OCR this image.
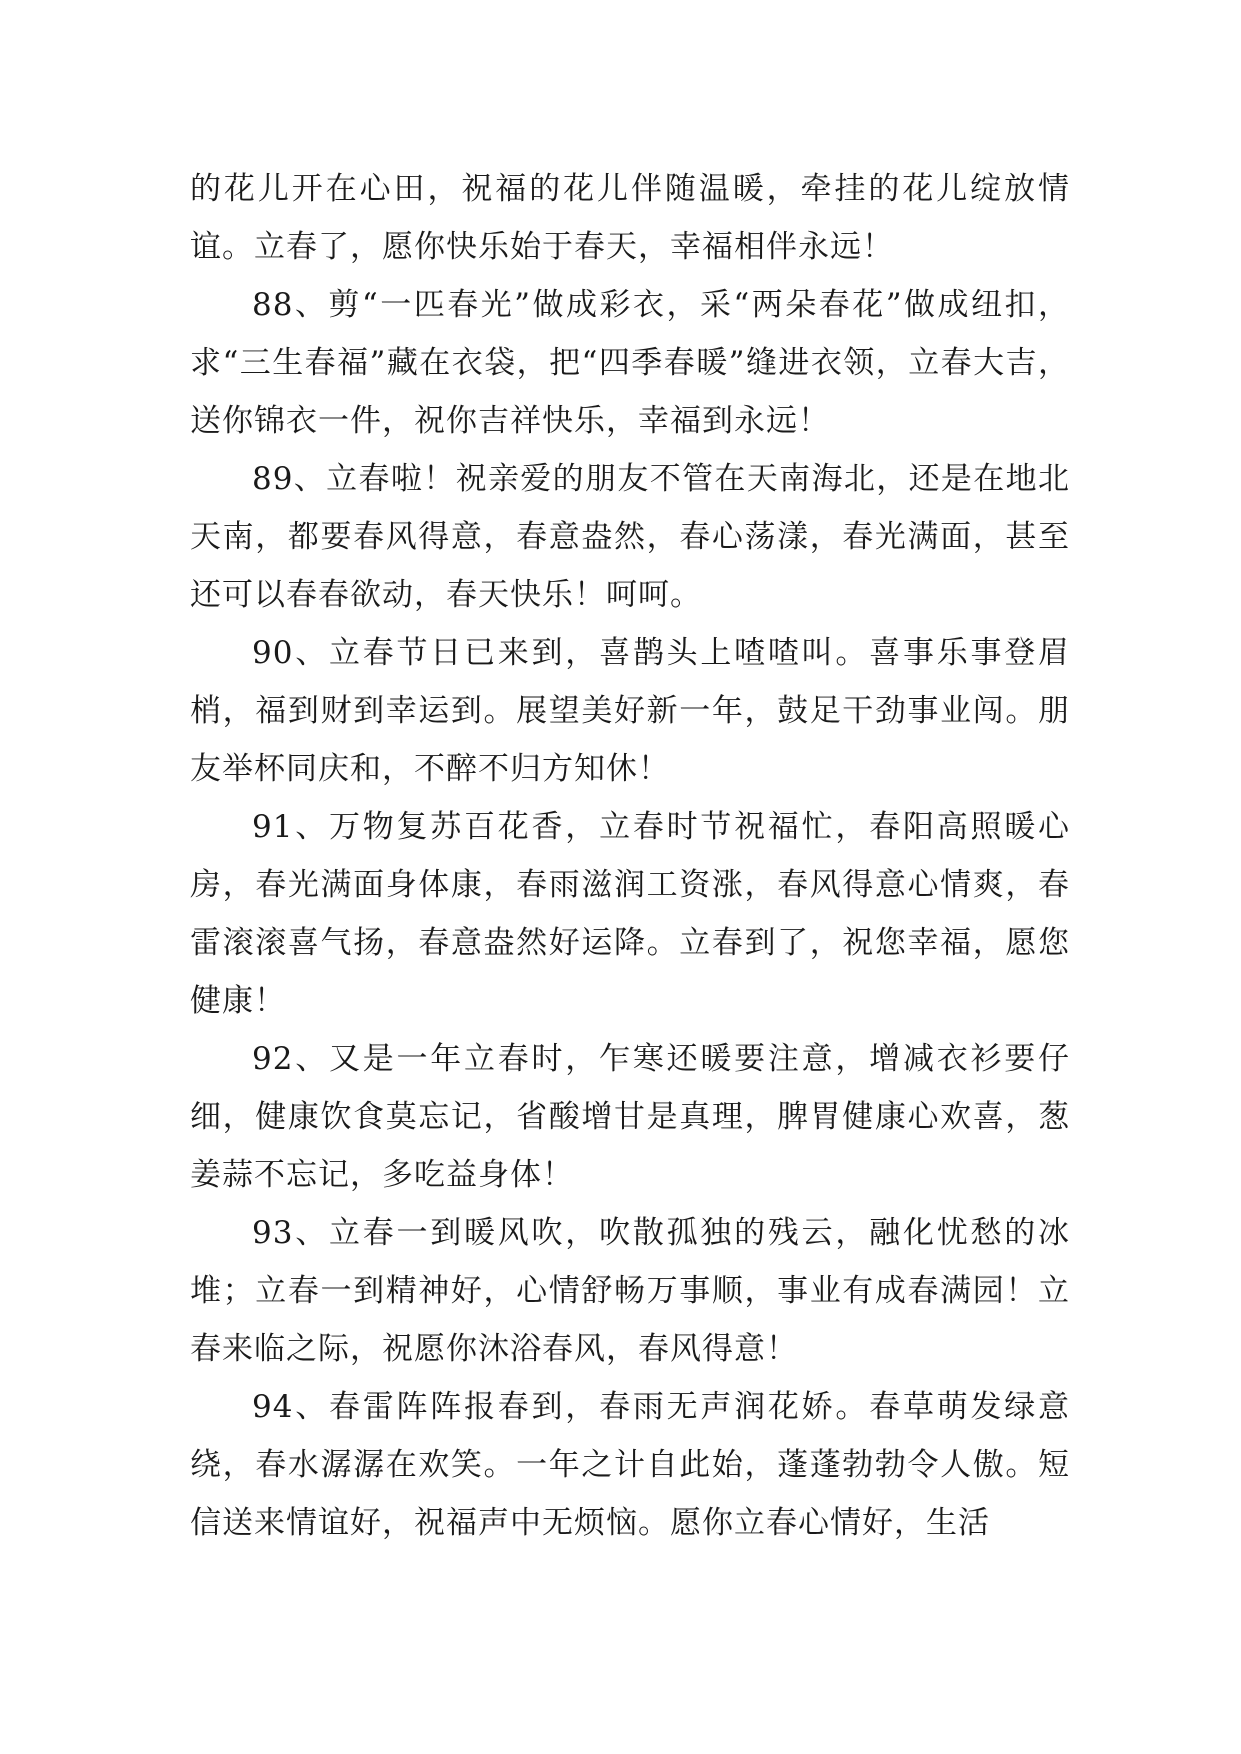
的花儿开在心田，祝福的花儿伴随温暖，牵挂的花儿绽放情谊。立春了，愿你快乐始于春天，幸福相伴永远！

88、剪“一匹春光”做成彩衣，采“两朵春花”做成纽扣，求“三生春福”藏在衣袋，把“四季春暖”缝进衣领，立春大吉，送你锦衣一件，祝你吉祥快乐，幸福到永远！

89、立春啦！祝亲爱的朋友不管在天南海北，还是在地北天南，都要春风得意，春意盎然，春心荡漾，春光满面，甚至还可以春春欲动，春天快乐！呵呵。

90、立春节日已来到，喜鹊头上喳喳叫。喜事乐事登眉梢，福到财到幸运到。展望美好新一年，鼓足干劲事业闯。朋友举杯同庆和，不醉不归方知休！

91、万物复苏百花香，立春时节祝福忙，春阳高照暖心房，春光满面身体康，春雨滋润工资涨，春风得意心情爽，春雷滚滚喜气扬，春意盎然好运降。立春到了，祝您幸福，愿您健康！

92、又是一年立春时，乍寒还暖要注意，增减衣衫要仔细，健康饮食莫忘记，省酸增甘是真理，脾胃健康心欢喜，葱姜蒜不忘记，多吃益身体！

93、立春一到暖风吹，吹散孤独的残云，融化忧愁的冰堆；立春一到精神好，心情舒畅万事顺，事业有成春满园！立春来临之际，祝愿你沐浴春风，春风得意！

94、春雷阵阵报春到，春雨无声润花娇。春草萌发绿意绕，春水潺潺在欢笑。一年之计自此始，蓬蓬勃勃令人傲。短信送来情谊好，祝福声中无烦恼。愿你立春心情好，生活
